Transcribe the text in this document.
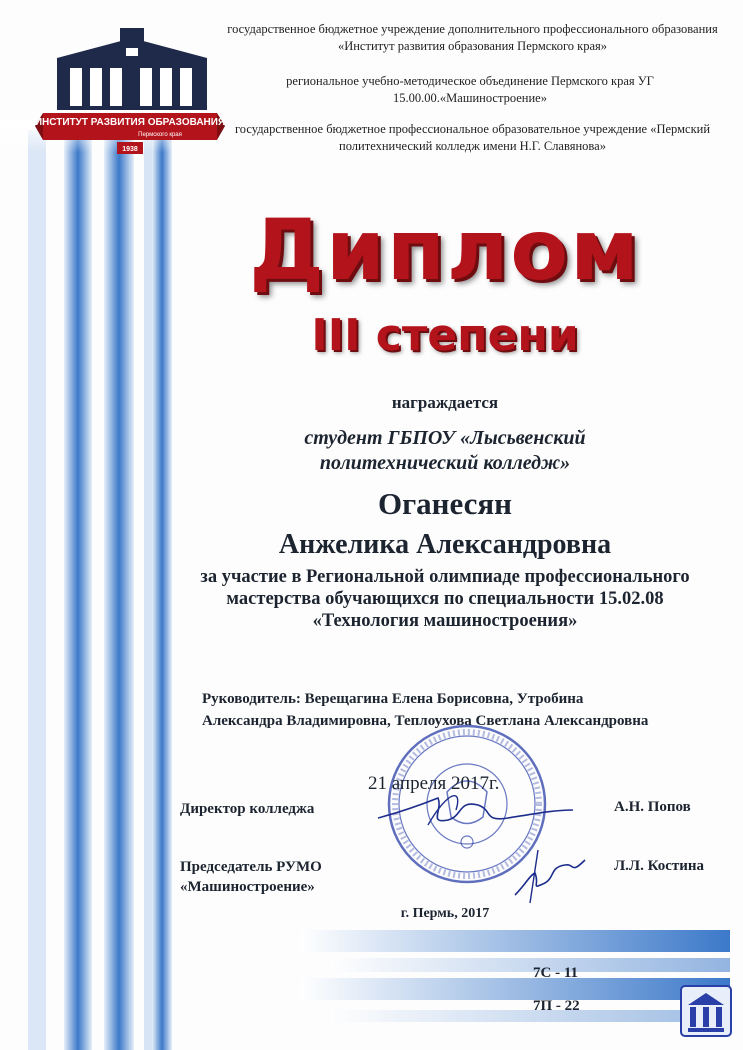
ИНСТИТУТ РАЗВИТИЯ ОБРАЗОВАНИЯ
Пермского края
1938
государственное бюджетное учреждение дополнительного профессионального образования «Институт развития образования Пермского края»
региональное учебно-методическое объединение Пермского края УГ 15.00.00.«Машиностроение»
государственное бюджетное профессиональное образовательное учреждение «Пермский политехнический колледж имени Н.Г. Славянова»
Диплом
III степени
награждается
студент ГБПОУ «Лысьвенский политехнический колледж»
Оганесян
Анжелика Александровна
за участие в Региональной олимпиаде профессионального мастерства обучающихся по специальности 15.02.08 «Технология машиностроения»
Руководитель: Верещагина Елена Борисовна, Утробина Александра Владимировна, Теплоухова Светлана Александровна
21 апреля 2017г.
Директор колледжа	А.Н. Попов
Председатель РУМО «Машиностроение»
Л.Л. Костина
г. Пермь, 2017
7С - 11
7П - 22
